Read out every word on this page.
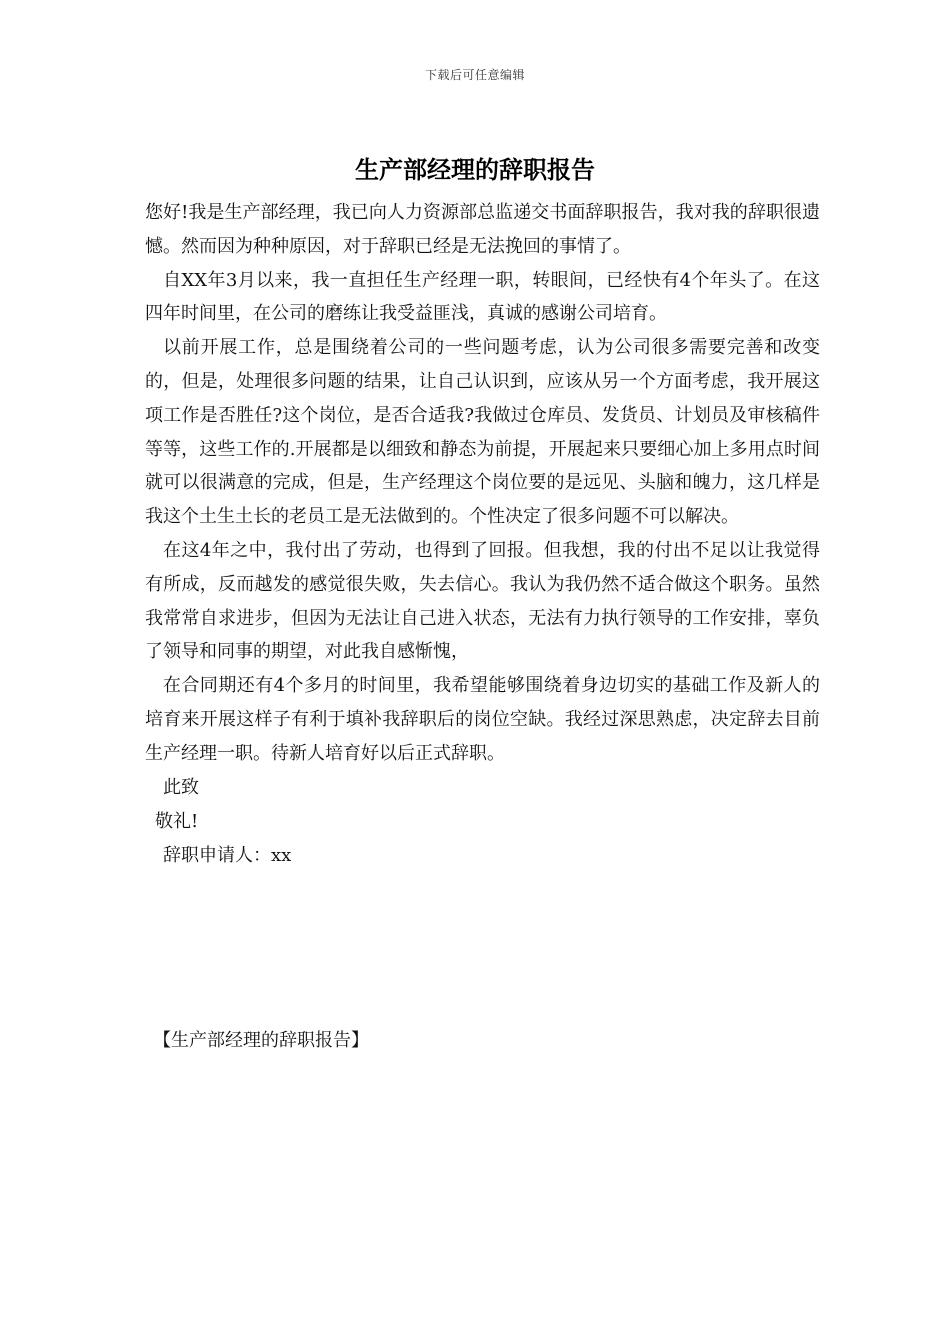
下载后可任意编辑
生产部经理的辞职报告

您好!我是生产部经理，我已向人力资源部总监递交书面辞职报告，我对我的辞职很遗憾。然而因为种种原因，对于辞职已经是无法挽回的事情了。

自XX年3月以来，我一直担任生产经理一职，转眼间，已经快有4个年头了。在这四年时间里，在公司的磨练让我受益匪浅，真诚的感谢公司培育。

以前开展工作，总是围绕着公司的一些问题考虑，认为公司很多需要完善和改变的，但是，处理很多问题的结果，让自己认识到，应该从另一个方面考虑，我开展这项工作是否胜任?这个岗位，是否合适我?我做过仓库员、发货员、计划员及审核稿件等等，这些工作的.开展都是以细致和静态为前提，开展起来只要细心加上多用点时间就可以很满意的完成，但是，生产经理这个岗位要的是远见、头脑和魄力，这几样是我这个土生土长的老员工是无法做到的。个性决定了很多问题不可以解决。

在这4年之中，我付出了劳动，也得到了回报。但我想，我的付出不足以让我觉得有所成，反而越发的感觉很失败，失去信心。我认为我仍然不适合做这个职务。虽然我常常自求进步，但因为无法让自己进入状态，无法有力执行领导的工作安排，辜负了领导和同事的期望，对此我自感惭愧，

在合同期还有4个多月的时间里，我希望能够围绕着身边切实的基础工作及新人的培育来开展这样子有利于填补我辞职后的岗位空缺。我经过深思熟虑，决定辞去目前生产经理一职。待新人培育好以后正式辞职。

此致
敬礼!
辞职申请人：xx
【生产部经理的辞职报告】
